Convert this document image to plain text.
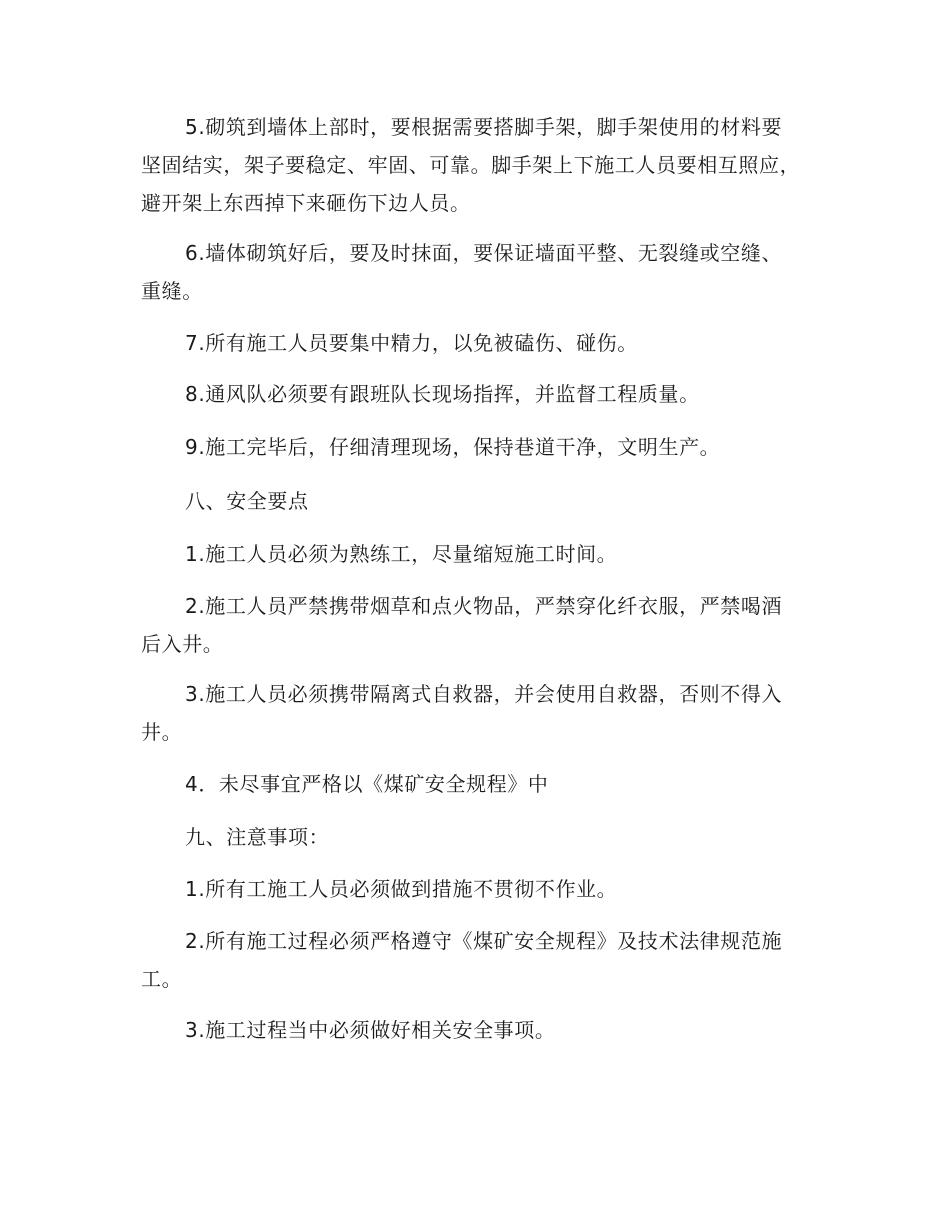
5.砌筑到墙体上部时，要根据需要搭脚手架，脚手架使用的材料要坚固结实，架子要稳定、牢固、可靠。脚手架上下施工人员要相互照应，避开架上东西掉下来砸伤下边人员。

6.墙体砌筑好后，要及时抹面，要保证墙面平整、无裂缝或空缝、重缝。

7.所有施工人员要集中精力，以免被磕伤、碰伤。

8.通风队必须要有跟班队长现场指挥，并监督工程质量。

9.施工完毕后，仔细清理现场，保持巷道干净，文明生产。

八、安全要点

1.施工人员必须为熟练工，尽量缩短施工时间。

2.施工人员严禁携带烟草和点火物品，严禁穿化纤衣服，严禁喝酒后入井。

3.施工人员必须携带隔离式自救器，并会使用自救器，否则不得入井。

4．未尽事宜严格以《煤矿安全规程》中

九、注意事项：

1.所有工施工人员必须做到措施不贯彻不作业。

2.所有施工过程必须严格遵守《煤矿安全规程》及技术法律规范施工。

3.施工过程当中必须做好相关安全事项。
